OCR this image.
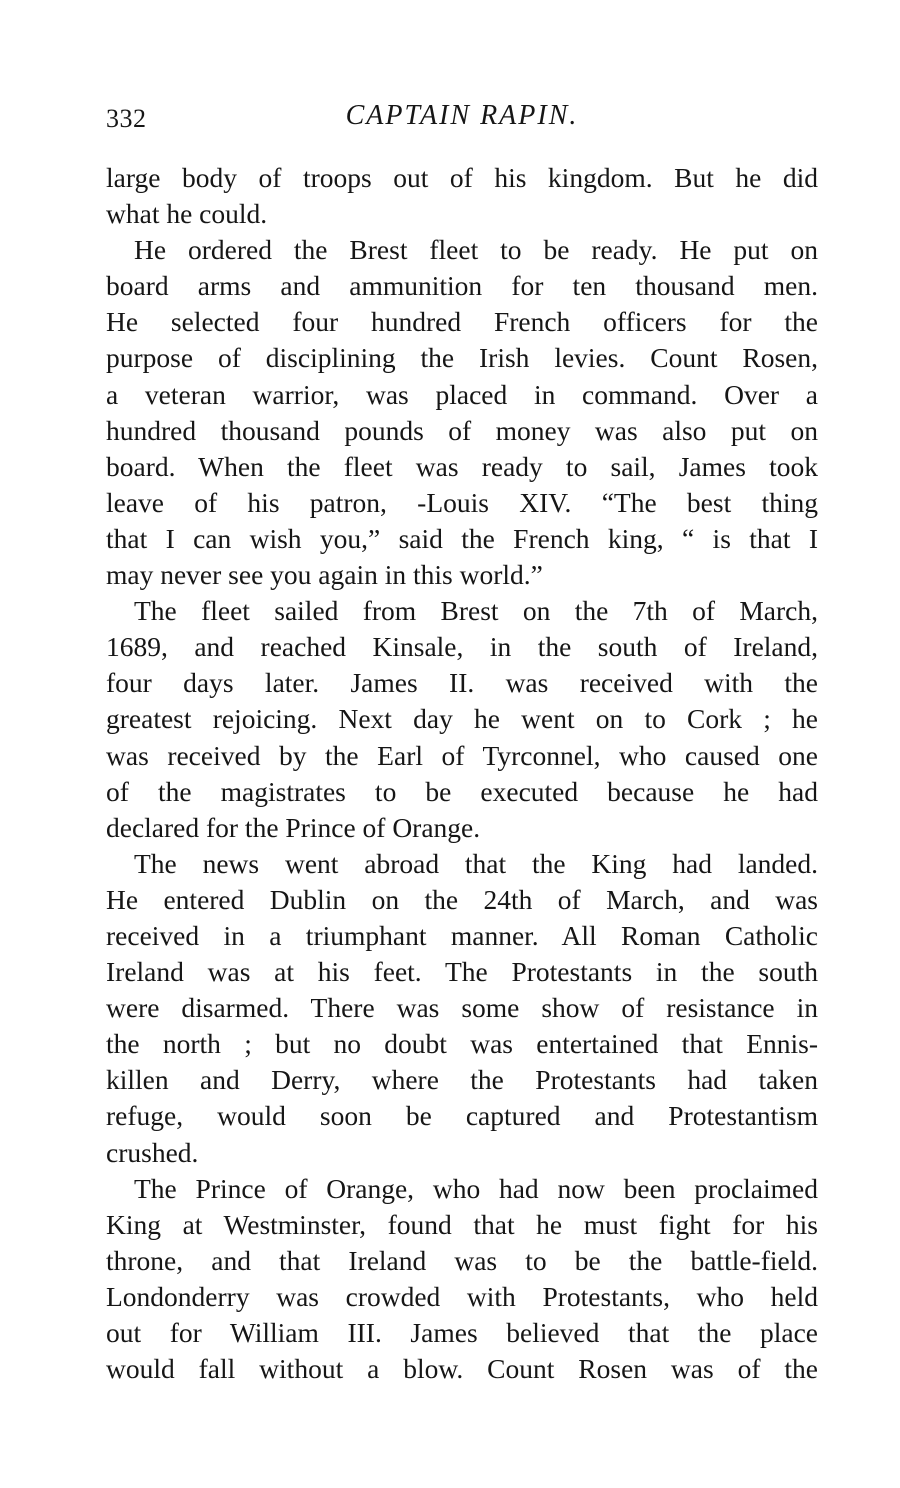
332	CAPTAIN RAPIN.
large body of troops out of his kingdom. But he did
what he could.
He ordered the Brest fleet to be ready. He put on
board arms and ammunition for ten thousand men.
He selected four hundred French officers for the
purpose of disciplining the Irish levies. Count Rosen,
a veteran warrior, was placed in command. Over a
hundred thousand pounds of money was also put on
board. When the fleet was ready to sail, James took
leave of his patron, -Louis XIV. “The best thing
that I can wish you,” said the French king, “ is that I
may never see you again in this world.”
The fleet sailed from Brest on the 7th of March,
1689, and reached Kinsale, in the south of Ireland,
four days later. James II. was received with the
greatest rejoicing. Next day he went on to Cork ; he
was received by the Earl of Tyrconnel, who caused one
of the magistrates to be executed because he had
declared for the Prince of Orange.
The news went abroad that the King had landed.
He entered Dublin on the 24th of March, and was
received in a triumphant manner. All Roman Catholic
Ireland was at his feet. The Protestants in the south
were disarmed. There was some show of resistance in
the north ; but no doubt was entertained that Ennis-
killen and Derry, where the Protestants had taken
refuge, would soon be captured and Protestantism
crushed.
The Prince of Orange, who had now been proclaimed
King at Westminster, found that he must fight for his
throne, and that Ireland was to be the battle-field.
Londonderry was crowded with Protestants, who held
out for William III. James believed that the place
would fall without a blow. Count Rosen was of the
